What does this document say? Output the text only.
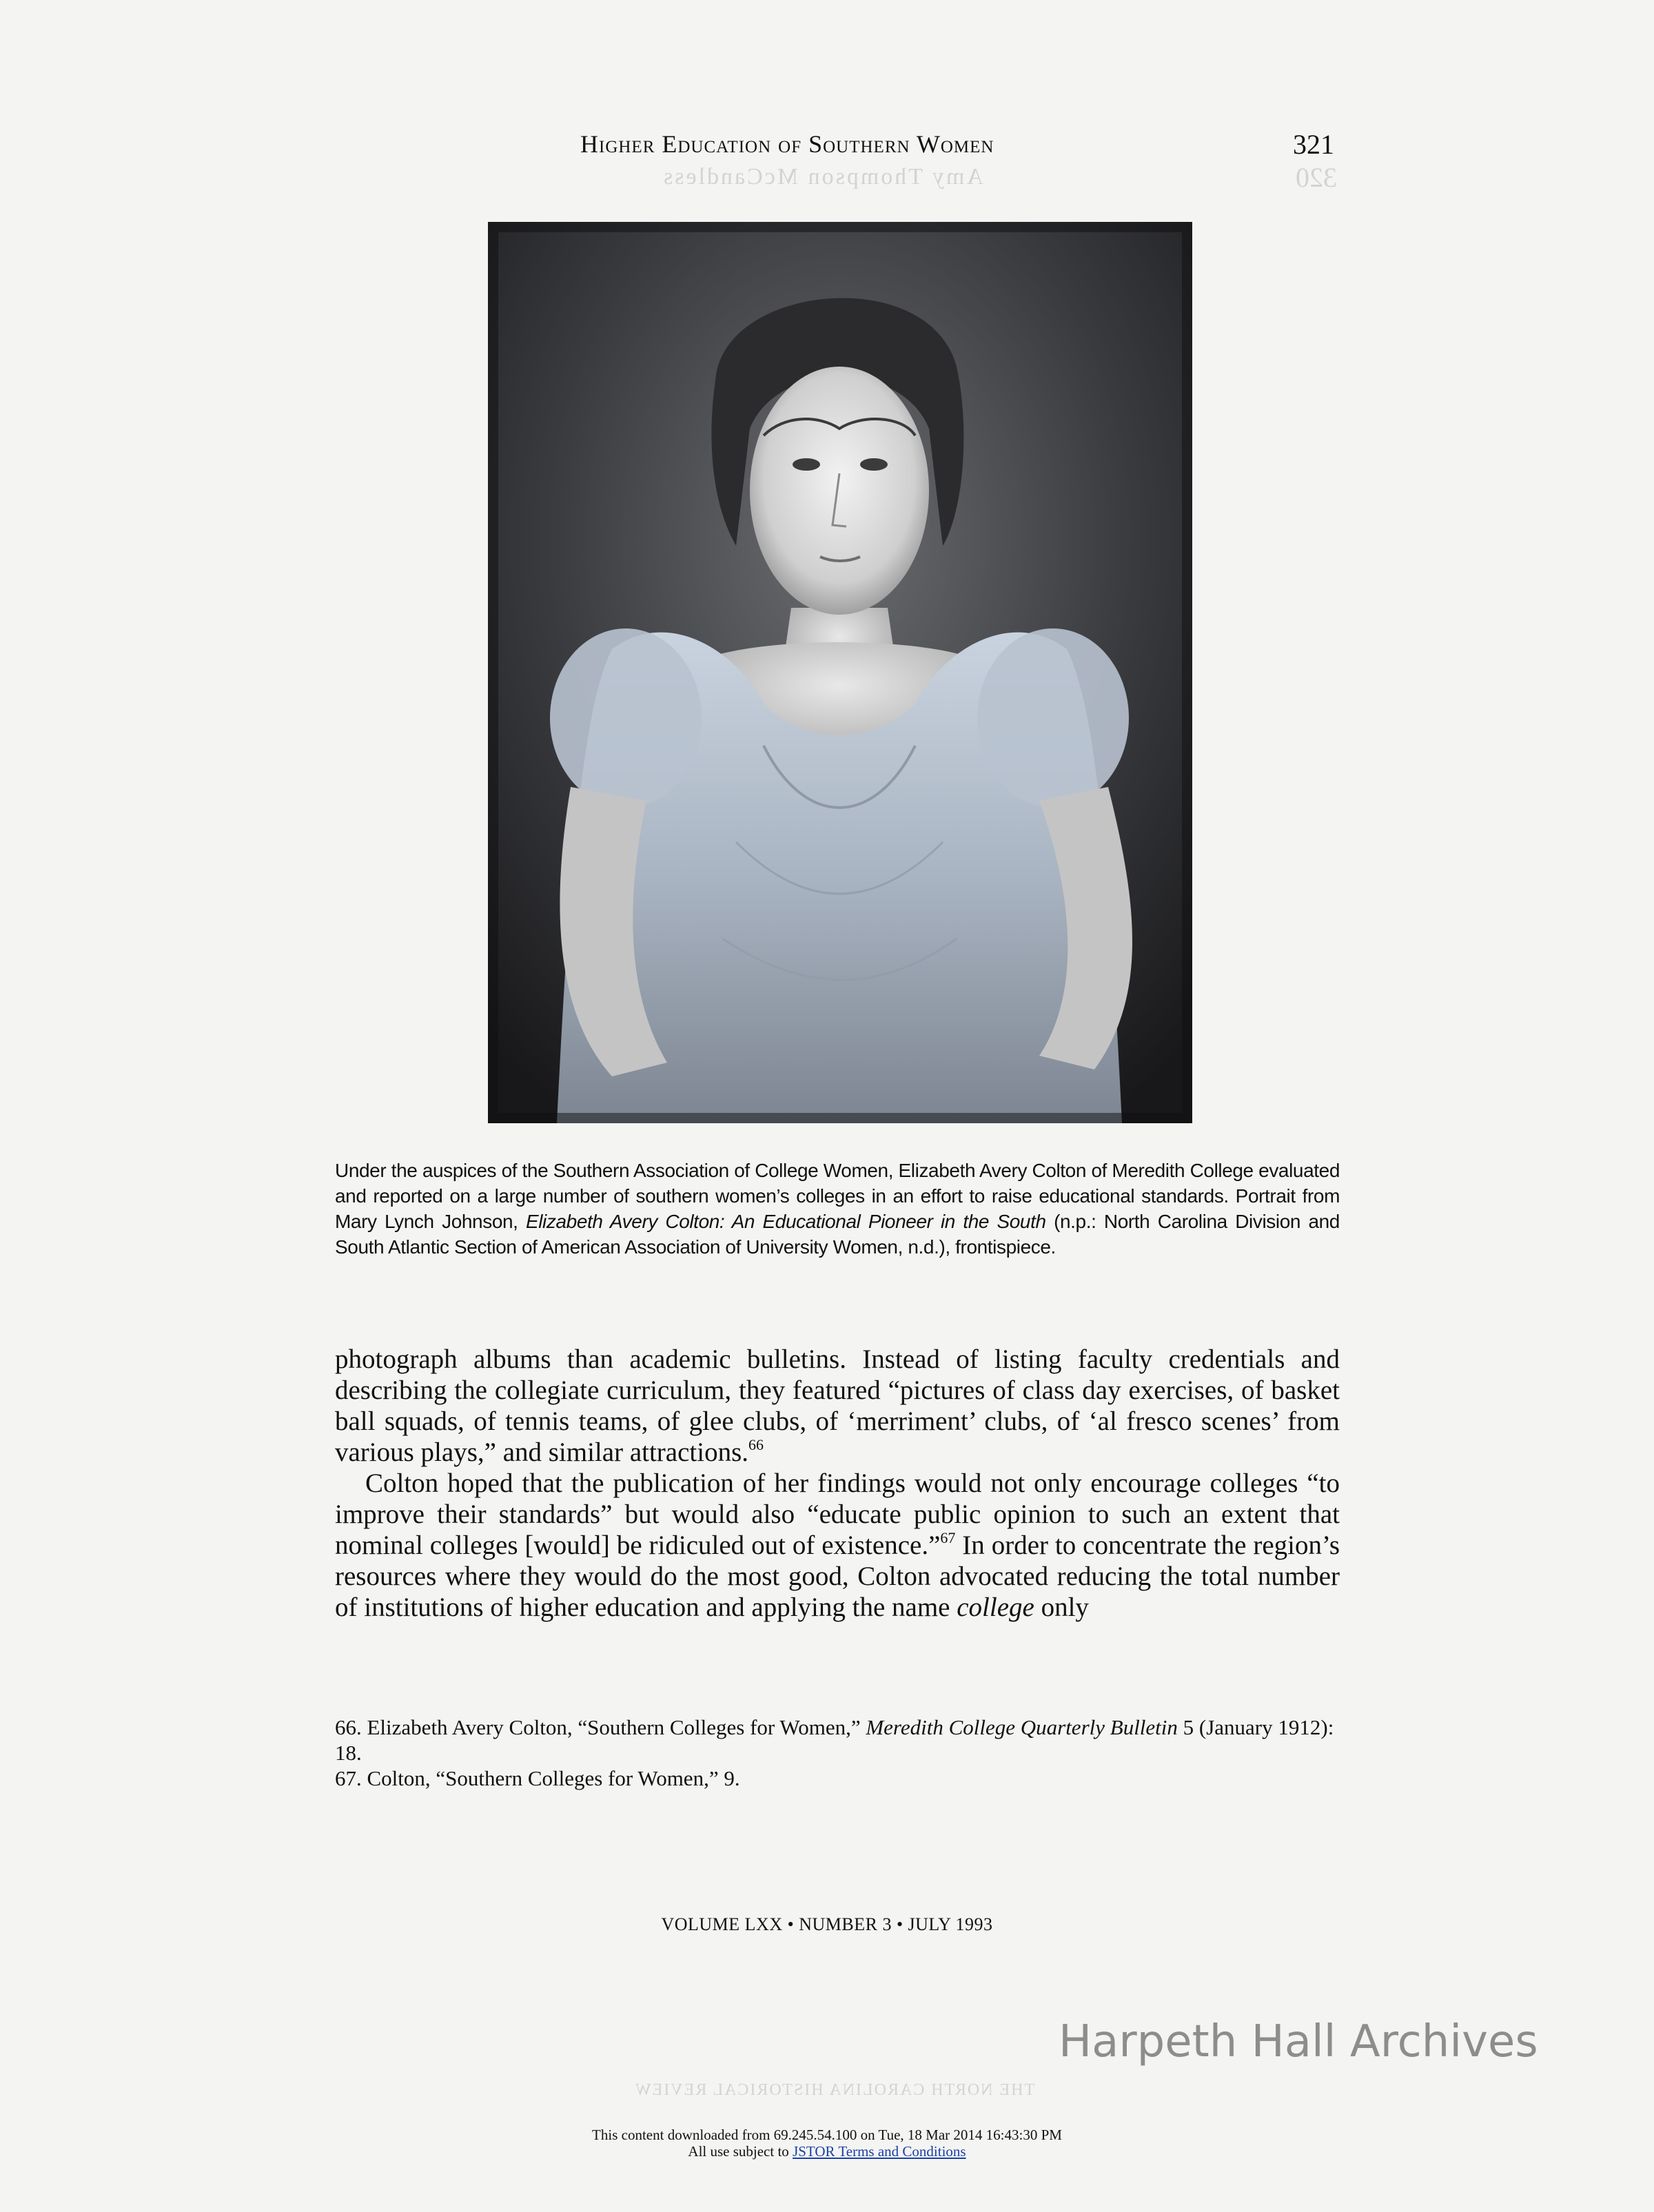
Amy Thompson McCandless	320
THE NORTH CAROLINA HISTORICAL REVIEW
Higher Education of Southern Women	321
Under the auspices of the Southern Association of College Women, Elizabeth Avery Colton of Meredith College evaluated and reported on a large number of southern women’s colleges in an effort to raise educational standards. Portrait from Mary Lynch Johnson, Elizabeth Avery Colton: An Educational Pioneer in the South (n.p.: North Carolina Division and South Atlantic Section of American Association of University Women, n.d.), frontispiece.

photograph albums than academic bulletins. Instead of listing faculty credentials and describing the collegiate curriculum, they featured “pictures of class day exercises, of basket ball squads, of tennis teams, of glee clubs, of ‘merriment’ clubs, of ‘al fresco scenes’ from various plays,” and similar attractions.$^{66}$

Colton hoped that the publication of her findings would not only encourage colleges “to improve their standards” but would also “educate public opinion to such an extent that nominal colleges [would] be ridiculed out of existence.”$^{67}$ In order to concentrate the region’s resources where they would do the most good, Colton advocated reducing the total number of institutions of higher education and applying the name college only

66. Elizabeth Avery Colton, “Southern Colleges for Women,” Meredith College Quarterly Bulletin 5 (January 1912): 18.

67. Colton, “Southern Colleges for Women,” 9.

VOLUME LXX • NUMBER 3 • JULY 1993
Harpeth Hall Archives
This content downloaded from 69.245.54.100 on Tue, 18 Mar 2014 16:43:30 PM
All use subject to JSTOR Terms and Conditions
